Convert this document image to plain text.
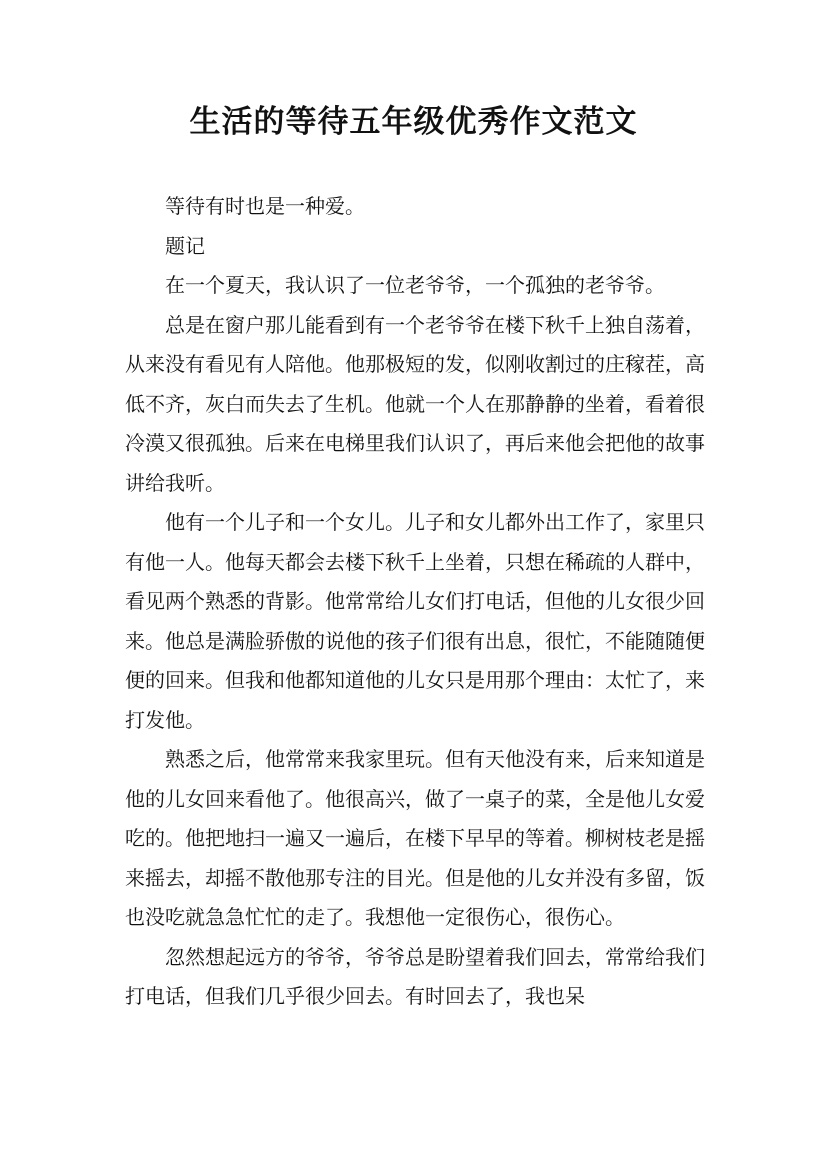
生活的等待五年级优秀作文范文

等待有时也是一种爱。

题记

在一个夏天，我认识了一位老爷爷，一个孤独的老爷爷。

总是在窗户那儿能看到有一个老爷爷在楼下秋千上独自荡着，从来没有看见有人陪他。他那极短的发，似刚收割过的庄稼茬，高低不齐，灰白而失去了生机。他就一个人在那静静的坐着，看着很冷漠又很孤独。后来在电梯里我们认识了，再后来他会把他的故事讲给我听。

他有一个儿子和一个女儿。儿子和女儿都外出工作了，家里只有他一人。他每天都会去楼下秋千上坐着，只想在稀疏的人群中，看见两个熟悉的背影。他常常给儿女们打电话，但他的儿女很少回来。他总是满脸骄傲的说他的孩子们很有出息，很忙，不能随随便便的回来。但我和他都知道他的儿女只是用那个理由：太忙了，来打发他。

熟悉之后，他常常来我家里玩。但有天他没有来，后来知道是他的儿女回来看他了。他很高兴，做了一桌子的菜，全是他儿女爱吃的。他把地扫一遍又一遍后，在楼下早早的等着。柳树枝老是摇来摇去，却摇不散他那专注的目光。但是他的儿女并没有多留，饭也没吃就急急忙忙的走了。我想他一定很伤心，很伤心。

忽然想起远方的爷爷，爷爷总是盼望着我们回去，常常给我们打电话，但我们几乎很少回去。有时回去了，我也呆
